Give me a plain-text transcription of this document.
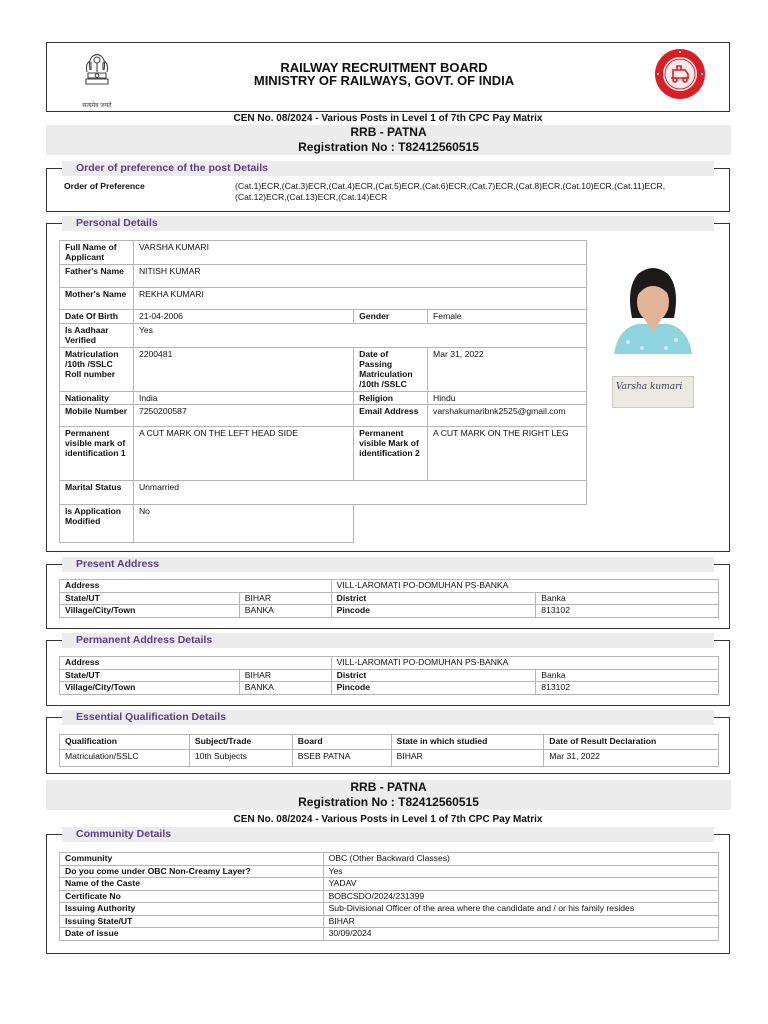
सत्यमेव जयते
RAILWAY RECRUITMENT BOARD
MINISTRY OF RAILWAYS, GOVT. OF INDIA
भारतीय रेल • INDIAN RAILWAYS
CEN No. 08/2024 - Various Posts in Level 1 of 7th CPC Pay Matrix
RRB - PATNA
Registration No : T82412560515
Order of preference of the post Details
Order of Preference	(Cat.1)ECR,(Cat.3)ECR,(Cat.4)ECR,(Cat.5)ECR,(Cat.6)ECR,(Cat.7)ECR,(Cat.8)ECR,(Cat.10)ECR,(Cat.11)ECR,(Cat.12)ECR,(Cat.13)ECR,(Cat.14)ECR
Personal Details
Full Name of Applicant	VARSHA KUMARI		
Father's Name	NITISH KUMAR		
Mother's Name	REKHA KUMARI		
Date Of Birth	21-04-2006	Gender	Female
Is Aadhaar Verified	Yes		
Matriculation /10th /SSLC Roll number	2200481	Date of Passing Matriculation /10th /SSLC	Mar 31, 2022
Nationality	India	Religion	Hindu
Mobile Number	7250200587	Email Address	varshakumaribnk2525@gmail.com
Permanent visible mark of identification 1	A CUT MARK ON THE LEFT HEAD SIDE	Permanent visible Mark of identification 2	A CUT MARK ON THE RIGHT LEG
Marital Status	Unmarried		
Is Application Modified	No		
Varsha kumari
Present Address
Address		VILL-LAROMATI PO-DOMUHAN PS-BANKA	
State/UT	BIHAR	District	Banka
Village/City/Town	BANKA	Pincode	813102
Permanent Address Details
Address		VILL-LAROMATI PO-DOMUHAN PS-BANKA	
State/UT	BIHAR	District	Banka
Village/City/Town	BANKA	Pincode	813102
Essential Qualification Details
Qualification	Subject/Trade	Board	State in which studied	Date of Result Declaration
Matriculation/SSLC	10th Subjects	BSEB PATNA	BIHAR	Mar 31, 2022
RRB - PATNA
Registration No : T82412560515
CEN No. 08/2024 - Various Posts in Level 1 of 7th CPC Pay Matrix
Community Details
Community	OBC (Other Backward Classes)
Do you come under OBC Non-Creamy Layer?	Yes
Name of the Caste	YADAV
Certificate No	BOBCSDO/2024/231399
Issuing Authority	Sub-Divisional Officer of the area where the candidate and / or his family resides
Issuing State/UT	BIHAR
Date of issue	30/09/2024
